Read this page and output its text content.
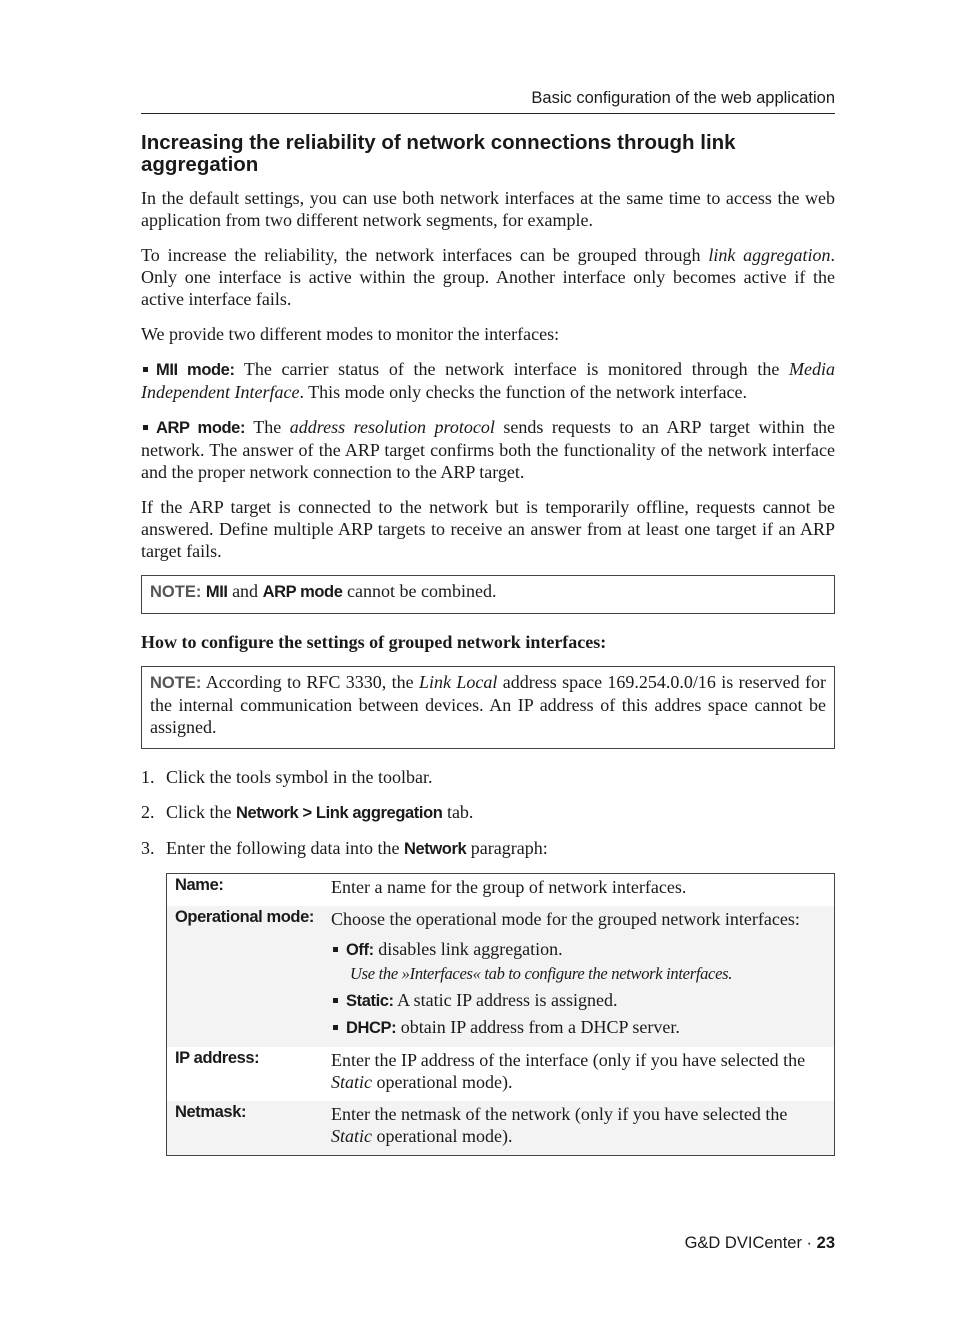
Basic configuration of the web application
Increasing the reliability of network connections through link aggregation

In the default settings, you can use both network interfaces at the same time to access the web application from two different network segments, for example.

To increase the reliability, the network interfaces can be grouped through link aggregation. Only one interface is active within the group. Another interface only becomes active if the active interface fails.

We provide two different modes to monitor the interfaces:

MII mode: The carrier status of the network interface is monitored through the Media Independent Interface. This mode only checks the function of the network interface.

ARP mode: The address resolution protocol sends requests to an ARP target within the network. The answer of the ARP target confirms both the functionality of the network interface and the proper network connection to the ARP target.

If the ARP target is connected to the network but is temporarily offline, requests cannot be answered. Define multiple ARP targets to receive an answer from at least one target if an ARP target fails.

NOTE: MII and ARP mode cannot be combined.

How to configure the settings of grouped network interfaces:

NOTE: According to RFC 3330, the Link Local address space 169.254.0.0/16 is reserved for the internal communication between devices. An IP address of this addres space cannot be assigned.

1. Click the tools symbol in the toolbar.
2. Click the Network > Link aggregation tab.
3. Enter the following data into the Network paragraph:
Name:	Enter a name for the group of network interfaces.

Operational mode:	Choose the operational mode for the grouped network interfaces:

Off: disables link aggregation.
Use the »Interfaces« tab to configure the network interfaces.
Static: A static IP address is assigned.
DHCP: obtain IP address from a DHCP server.

IP address:	Enter the IP address of the interface (only if you have selected the Static operational mode).

Netmask:	Enter the netmask of the network (only if you have selected the Static operational mode).

G&D DVICenter · 23
